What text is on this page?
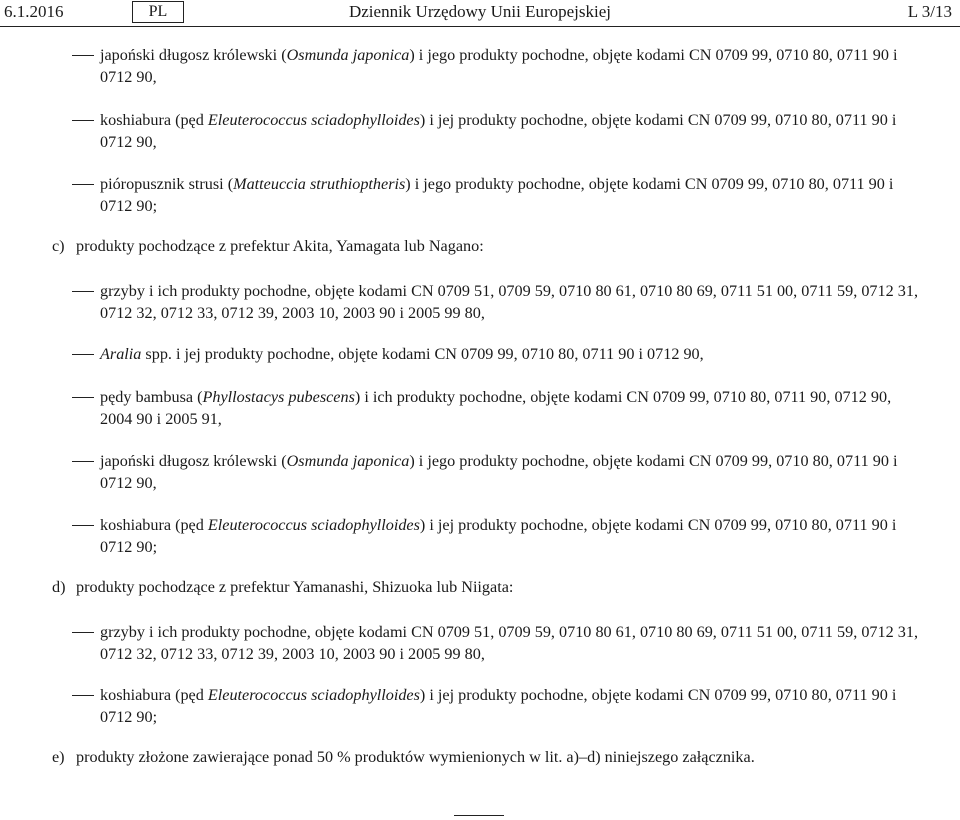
6.1.2016	PL	Dziennik Urzędowy Unii Europejskiej	L 3/13
japoński długosz królewski (Osmunda japonica) i jego produkty pochodne, objęte kodami CN 0709 99, 0710 80, 0711 90 i 0712 90,
koshiabura (pęd Eleuterococcus sciadophylloides) i jej produkty pochodne, objęte kodami CN 0709 99, 0710 80, 0711 90 i 0712 90,
pióropusznik strusi (Matteuccia struthioptheris) i jego produkty pochodne, objęte kodami CN 0709 99, 0710 80, 0711 90 i 0712 90;
c) produkty pochodzące z prefektur Akita, Yamagata lub Nagano:
grzyby i ich produkty pochodne, objęte kodami CN 0709 51, 0709 59, 0710 80 61, 0710 80 69, 0711 51 00, 0711 59, 0712 31, 0712 32, 0712 33, 0712 39, 2003 10, 2003 90 i 2005 99 80,
Aralia spp. i jej produkty pochodne, objęte kodami CN 0709 99, 0710 80, 0711 90 i 0712 90,
pędy bambusa (Phyllostacys pubescens) i ich produkty pochodne, objęte kodami CN 0709 99, 0710 80, 0711 90, 0712 90, 2004 90 i 2005 91,
japoński długosz królewski (Osmunda japonica) i jego produkty pochodne, objęte kodami CN 0709 99, 0710 80, 0711 90 i 0712 90,
koshiabura (pęd Eleuterococcus sciadophylloides) i jej produkty pochodne, objęte kodami CN 0709 99, 0710 80, 0711 90 i 0712 90;
d) produkty pochodzące z prefektur Yamanashi, Shizuoka lub Niigata:
grzyby i ich produkty pochodne, objęte kodami CN 0709 51, 0709 59, 0710 80 61, 0710 80 69, 0711 51 00, 0711 59, 0712 31, 0712 32, 0712 33, 0712 39, 2003 10, 2003 90 i 2005 99 80,
koshiabura (pęd Eleuterococcus sciadophylloides) i jej produkty pochodne, objęte kodami CN 0709 99, 0710 80, 0711 90 i 0712 90;
e) produkty złożone zawierające ponad 50 % produktów wymienionych w lit. a)–d) niniejszego załącznika.
